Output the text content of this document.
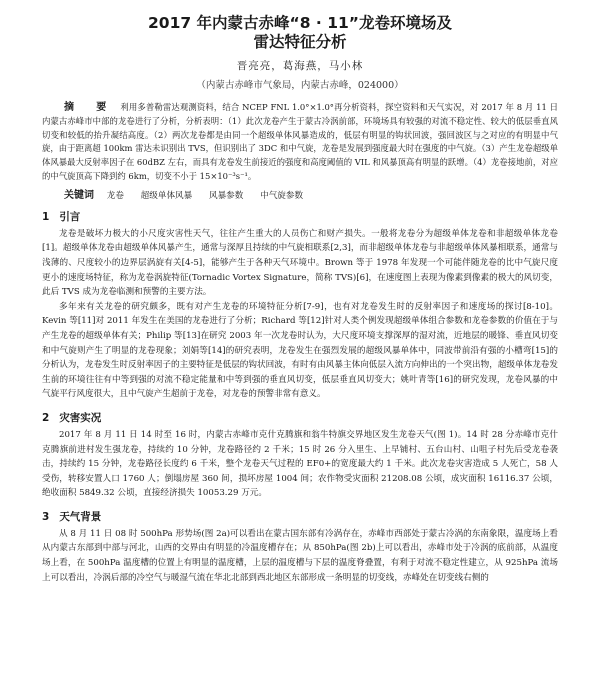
2017 年内蒙古赤峰“8 · 11”龙卷环境场及
雷达特征分析
晋亮亮，葛海燕，马小林
（内蒙古赤峰市气象局，内蒙古赤峰，024000）
摘　要 利用多普勒雷达观测资料，结合 NCEP FNL 1.0°×1.0°再分析资料，探空资料和天气实况，对 2017 年 8 月 11 日内蒙古赤峰市中部的龙卷进行了分析，分析表明：（1）此次龙卷产生于蒙古冷涡前部，环境场具有较强的对流不稳定性、较大的低层垂直风切变和较低的抬升凝结高度。（2）两次龙卷都是由同一个超级单体风暴造成的，低层有明显的钩状回波，强回波区与之对应的有明显中气旋，由于距离超 100km 雷达未识别出 TVS，但识别出了 3DC 和中气旋，龙卷是发展到强度最大时在强度的中气旋。（3）产生龙卷超级单体风暴最大反射率因子在 60dBZ 左右，而具有龙卷发生前接近的强度和高度阈值的 VIL 和风暴顶高有明显的跃增。（4）龙卷接地前，对应的中气旋顶高下降到约 6km，切变不小于 15×10⁻³s⁻¹。
关键词 龙卷 超级单体风暴 风暴参数 中气旋参数
1 引言

龙卷是破坏力极大的小尺度灾害性天气，往往产生重大的人员伤亡和财产损失。一般将龙卷分为超级单体龙卷和非超级单体龙卷[1]。超级单体龙卷由超级单体风暴产生，通常与深厚且持续的中气旋相联系[2,3]，而非超级单体龙卷与非超级单体风暴相联系，通常与浅薄的、尺度较小的边界层涡旋有关[4-5]，能够产生于各种天气环境中。Brown 等于 1978 年发现一个可能伴随龙卷的比中气旋尺度更小的速度场特征，称为龙卷涡旋特征(Tornadic Vortex Signature，简称 TVS)[6]，在速度图上表现为像素到像素的极大的风切变，此后 TVS 成为龙卷临测和预警的主要方法。

多年来有关龙卷的研究颇多，既有对产生龙卷的环境特征分析[7-9]，也有对龙卷发生时的反射率因子和速度场的探讨[8-10]。Kevin 等[11]对 2011 年发生在美国的龙卷进行了分析；Richard 等[12]针对人类个例发现超级单体组合参数和龙卷参数的价值在于与产生龙卷的超级单体有关；Philip 等[13]在研究 2003 年一次龙卷时认为，大尺度环境支撑深厚的湿对流，近地层的暖锋、垂直风切变和中气旋则产生了明显的龙卷现象；刘娟等[14]的研究表明，龙卷发生在强烈发展的超级风暴单体中，同波带前沿有强的小槽弯[15]的分析认为，龙卷发生时反射率因子的主要特征是低层的钩状回波，有时有由风暴主体向低层入流方向伸出的一个突出物，超级单体龙卷发生前的环境往往有中等到强的对流不稳定能量和中等到强的垂直风切变，低层垂直风切变大；姚叶青等[16]的研究发现，龙卷风暴的中气旋平行风度很大，且中气旋产生超前于龙卷，对龙卷的预警非常有意义。

2 灾害实况

2017 年 8 月 11 日 14 时至 16 时，内蒙古赤峰市克什克腾旗和翁牛特旗交界地区发生龙卷天气(图 1)。14 时 28 分赤峰市克什克腾旗前进村发生强龙卷，持续约 10 分钟，龙卷路径约 2 千米；15 时 26 分入里生、上早铺村、五台山村、山咀子村先后受龙卷袭击，持续约 15 分钟，龙卷路径长度约 6 千米，整个龙卷天气过程的 EF0+的宽度最大约 1 千米。此次龙卷灾害造成 5 人死亡，58 人受伤，转移安置人口 1760 人；倒塌房屋 360 间，损坏房屋 1004 间；农作物受灾面积 21208.08 公顷，成灾面积 16116.37 公顷，绝收面积 5849.32 公顷，直接经济损失 10053.29 万元。

3 天气背景

从 8 月 11 日 08 时 500hPa 形势场(图 2a)可以看出在蒙古国东部有冷涡存在，赤峰市西部处于蒙古冷涡的东南象限，温度场上看从内蒙古东部到中部与河北，山西的交界由有明显的冷温度槽存在；从 850hPa(图 2b)上可以看出，赤峰市处于冷涡的底前部，从温度场上看，在 500hPa 温度槽的位置上有明显的温度槽，上层的温度槽与下层的温度脊叠置，有利于对流不稳定性建立，从 925hPa 流场上可以看出，冷涡后部的冷空气与暖湿气流在华北北部到西北地区东部形成一条明显的切变线，赤峰处在切变线右侧的
